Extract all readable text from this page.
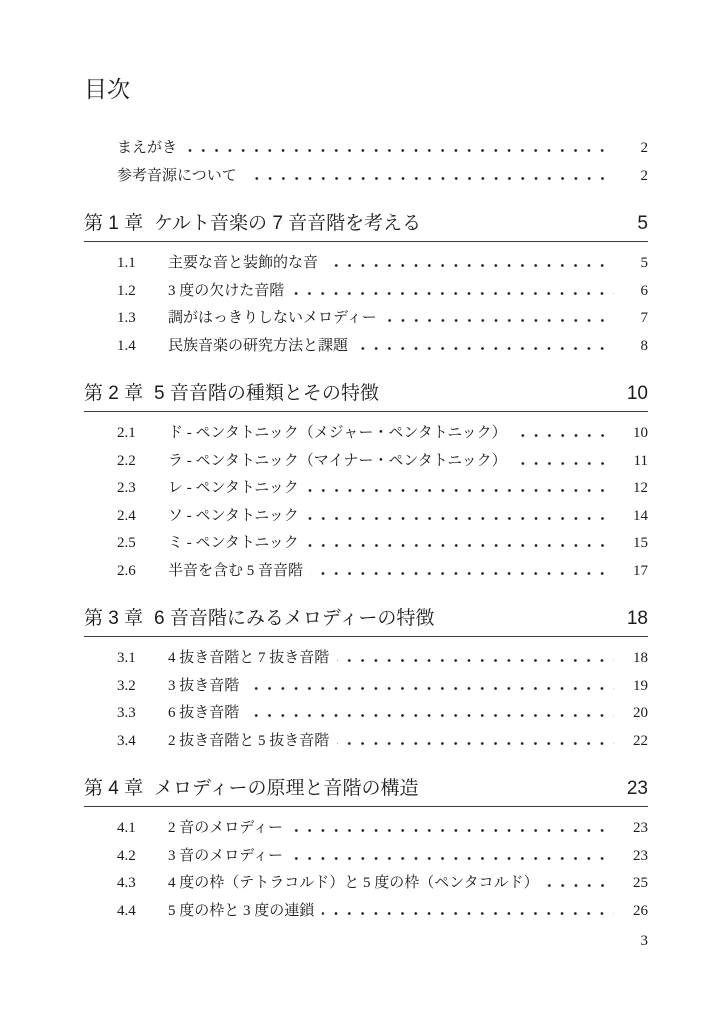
目次
まえがき	2
参考音源について	2
第 1 章 ケルト音楽の 7 音音階を考える	5
1.1	主要な音と装飾的な音	5
1.2	3 度の欠けた音階	6
1.3	調がはっきりしないメロディー	7
1.4	民族音楽の研究方法と課題	8
第 2 章 5 音音階の種類とその特徴	10
2.1	ド - ペンタトニック（メジャー・ペンタトニック）	10
2.2	ラ - ペンタトニック（マイナー・ペンタトニック）	11
2.3	レ - ペンタトニック	12
2.4	ソ - ペンタトニック	14
2.5	ミ - ペンタトニック	15
2.6	半音を含む 5 音音階	17
第 3 章 6 音音階にみるメロディーの特徴	18
3.1	4 抜き音階と 7 抜き音階	18
3.2	3 抜き音階	19
3.3	6 抜き音階	20
3.4	2 抜き音階と 5 抜き音階	22
第 4 章 メロディーの原理と音階の構造	23
4.1	2 音のメロディー	23
4.2	3 音のメロディー	23
4.3	4 度の枠（テトラコルド）と 5 度の枠（ペンタコルド）	25
4.4	5 度の枠と 3 度の連鎖	26
3
